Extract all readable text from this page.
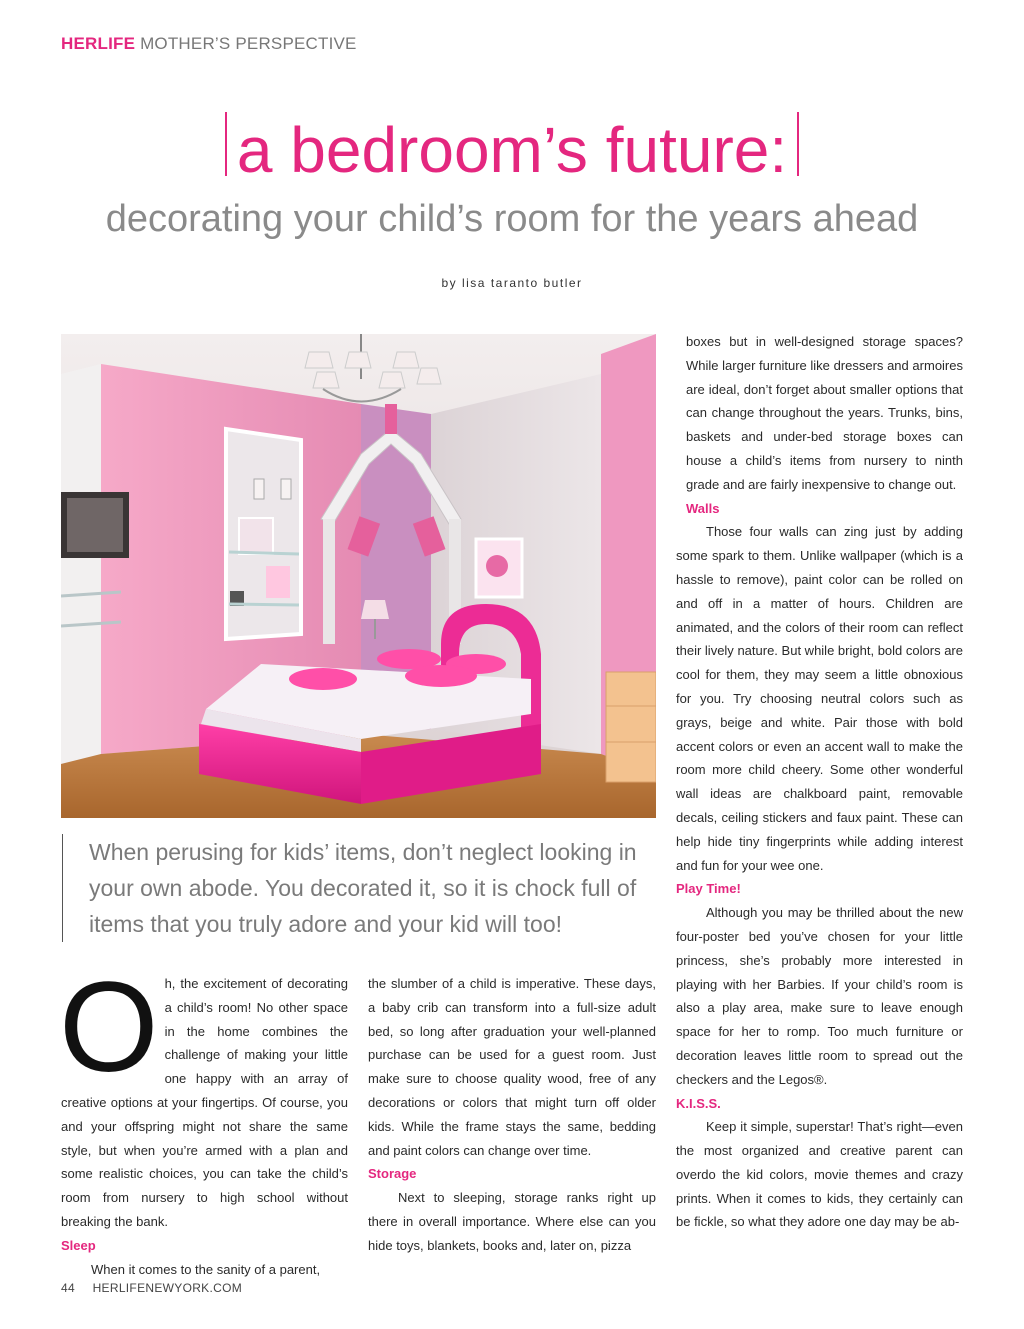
HERLIFE MOTHER’S PERSPECTIVE
a bedroom’s future:
decorating your child’s room for the years ahead
by lisa taranto butler
When perusing for kids’ items, don’t neglect looking in your own abode. You decorated it, so it is chock full of items that you truly adore and your kid will too!

Oh, the excitement of decorating a child’s room! No other space in the home combines the challenge of making your little one happy with an array of creative options at your fingertips. Of course, you and your offspring might not share the same style, but when you’re armed with a plan and some realistic choices, you can take the child’s room from nursery to high school without breaking the bank.

Sleep

When it comes to the sanity of a parent,

the slumber of a child is imperative. These days, a baby crib can transform into a full-size adult bed, so long after graduation your well-planned purchase can be used for a guest room. Just make sure to choose quality wood, free of any decorations or colors that might turn off older kids. While the frame stays the same, bedding and paint colors can change over time.

Storage

Next to sleeping, storage ranks right up there in overall importance. Where else can you hide toys, blankets, books and, later on, pizza

boxes but in well-designed storage spaces? While larger furniture like dressers and armoires are ideal, don’t forget about smaller options that can change throughout the years. Trunks, bins, baskets and under-bed storage boxes can house a child’s items from nursery to ninth grade and are fairly inexpensive to change out.

Walls

Those four walls can zing just by adding some spark to them. Unlike wallpaper (which is a hassle to remove), paint color can be rolled on and off in a matter of hours. Children are animated, and the colors of their room can reflect their lively nature. But while bright, bold colors are cool for them, they may seem a little obnoxious for you. Try choosing neutral colors such as grays, beige and white. Pair those with bold accent colors or even an accent wall to make the room more child cheery. Some other wonderful wall ideas are chalkboard paint, removable decals, ceiling stickers and faux paint. These can help hide tiny fingerprints while adding interest and fun for your wee one.

Play Time!

Although you may be thrilled about the new four-poster bed you’ve chosen for your little princess, she’s probably more interested in playing with her Barbies. If your child’s room is also a play area, make sure to leave enough space for her to romp. Too much furniture or decoration leaves little room to spread out the checkers and the Legos®.

K.I.S.S.

Keep it simple, superstar! That’s right—even the most organized and creative parent can overdo the kid colors, movie themes and crazy prints. When it comes to kids, they certainly can be fickle, so what they adore one day may be ab-

44 HERLIFENEWYORK.COM
